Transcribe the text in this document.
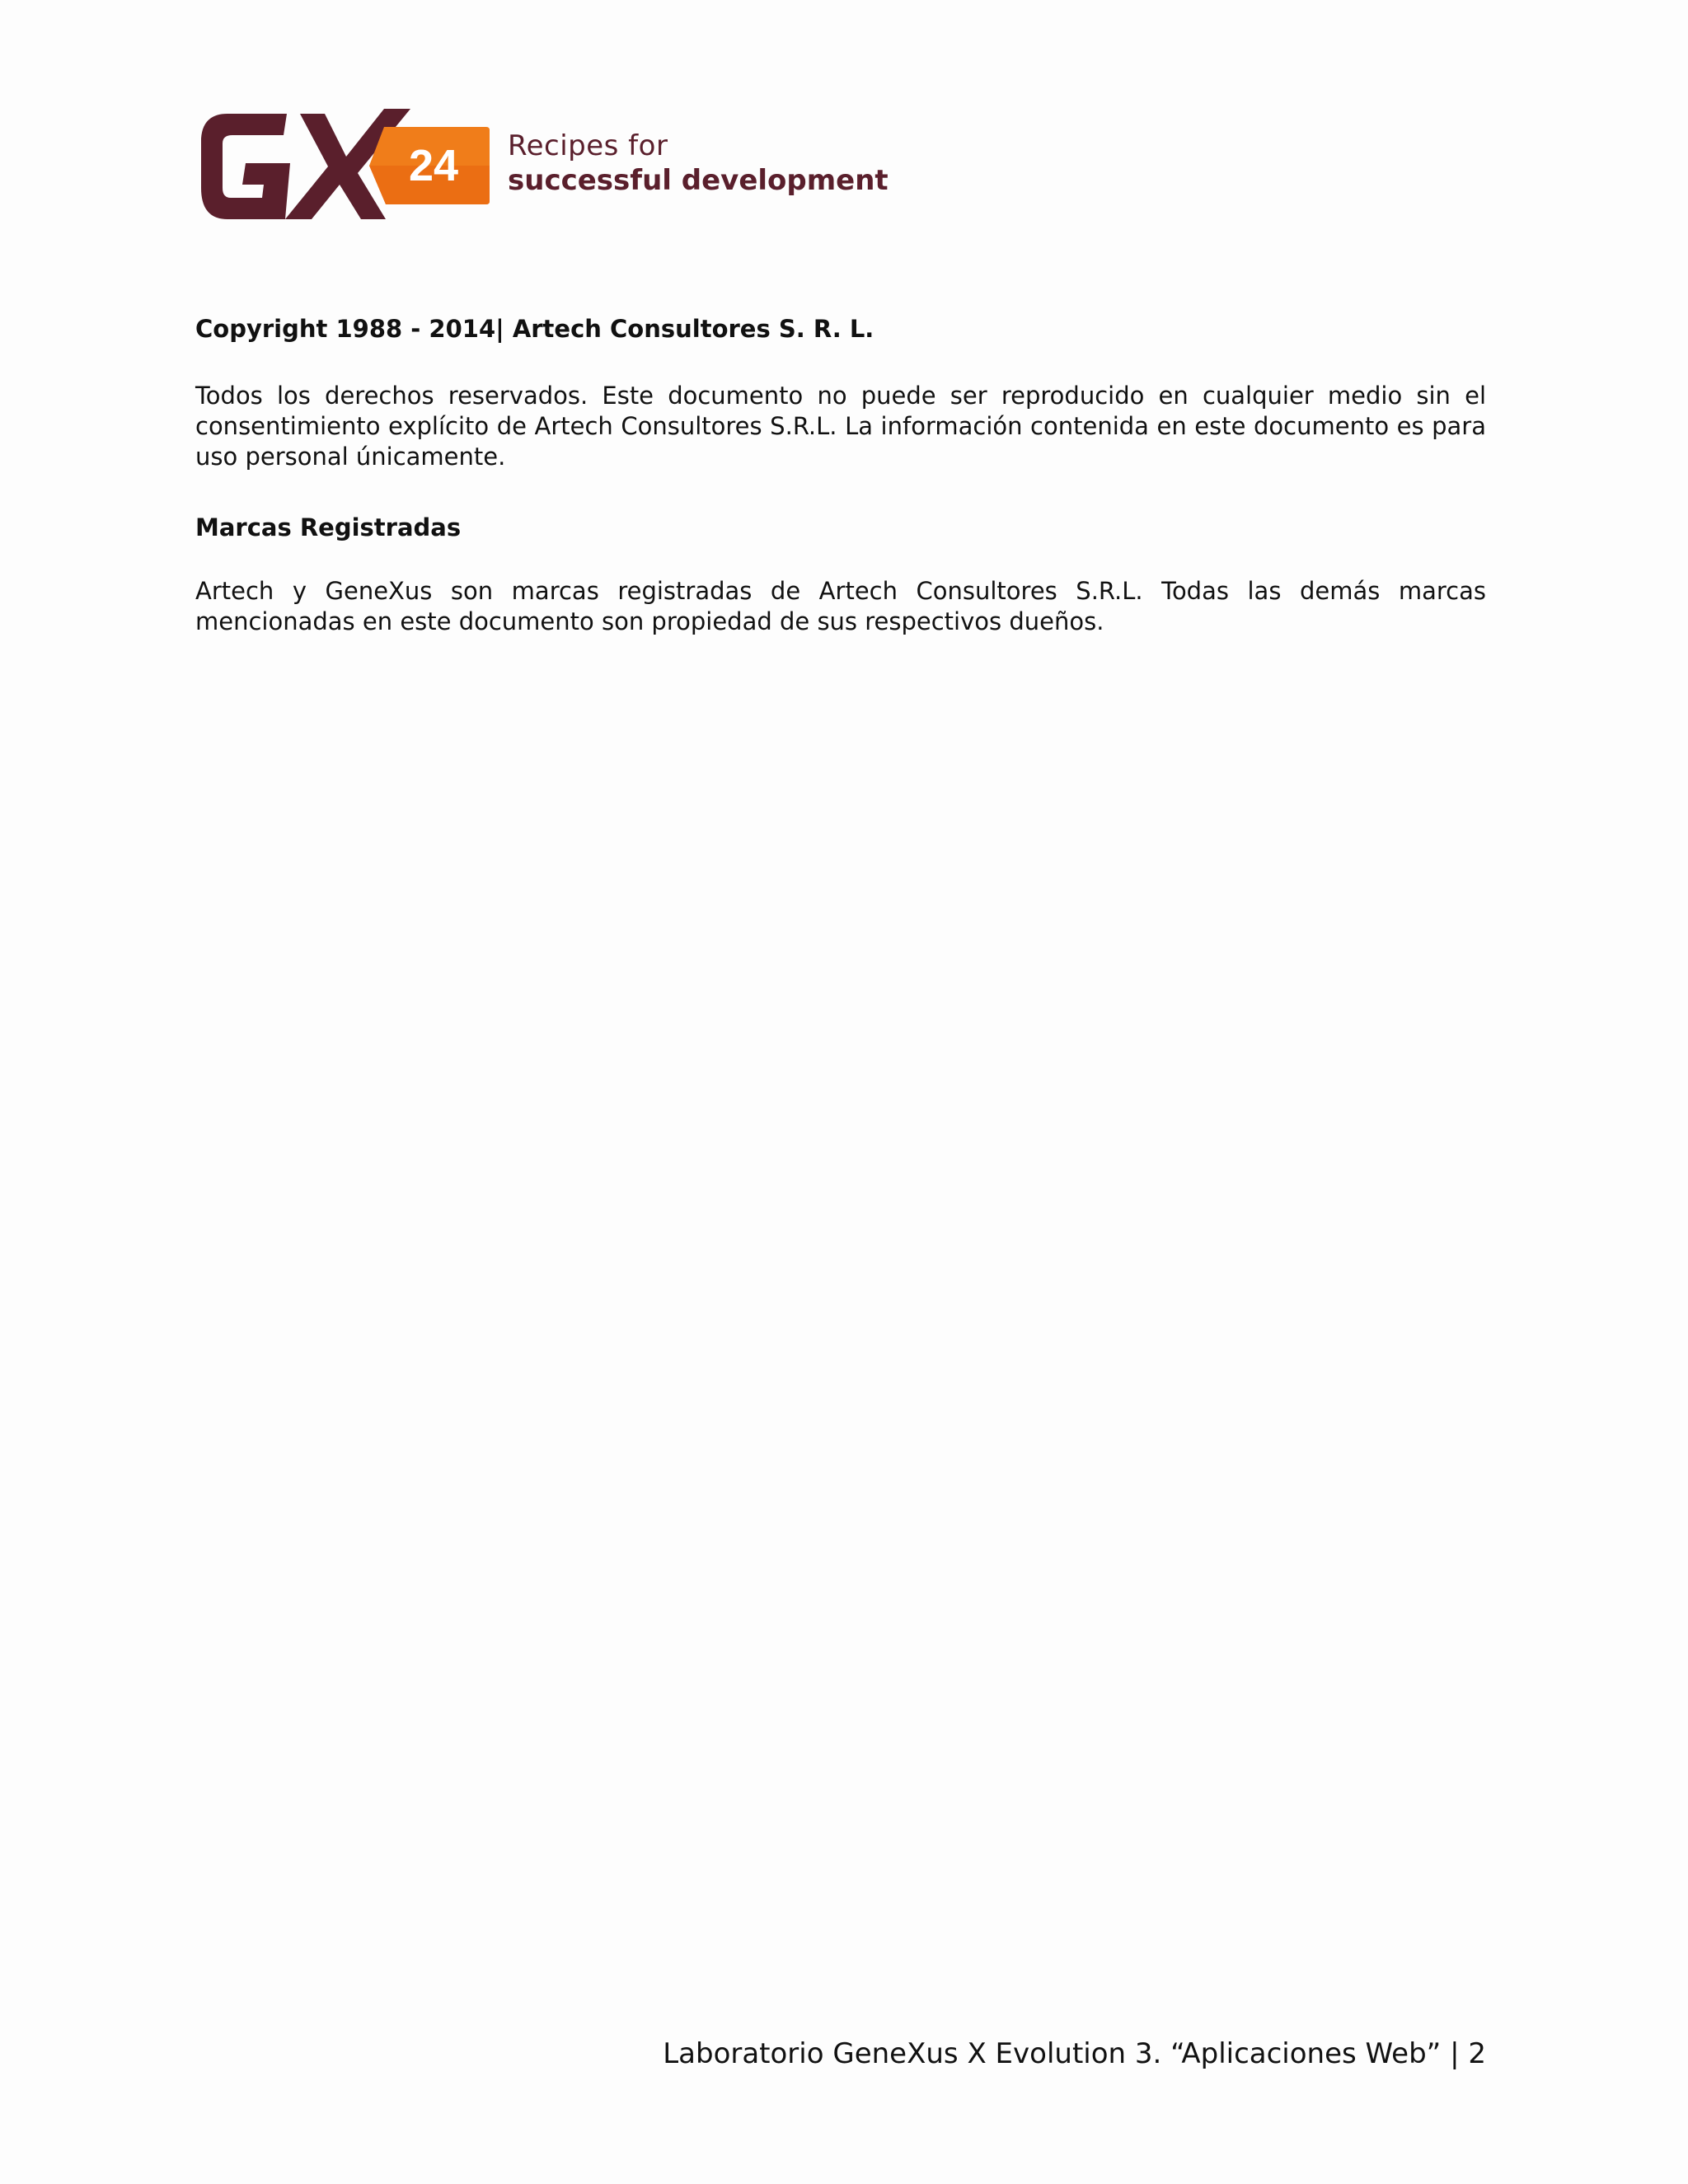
24 Recipes for
successful development

Copyright 1988 - 2014| Artech Consultores S. R. L.

Todos los derechos reservados. Este documento no puede ser reproducido en cualquier medio sin el consentimiento explícito de Artech Consultores S.R.L. La información contenida en este documento es para uso personal únicamente.

Marcas Registradas

Artech y GeneXus son marcas registradas de Artech Consultores S.R.L. Todas las demás marcas mencionadas en este documento son propiedad de sus respectivos dueños.

Laboratorio GeneXus X Evolution 3. “Aplicaciones Web” | 2
